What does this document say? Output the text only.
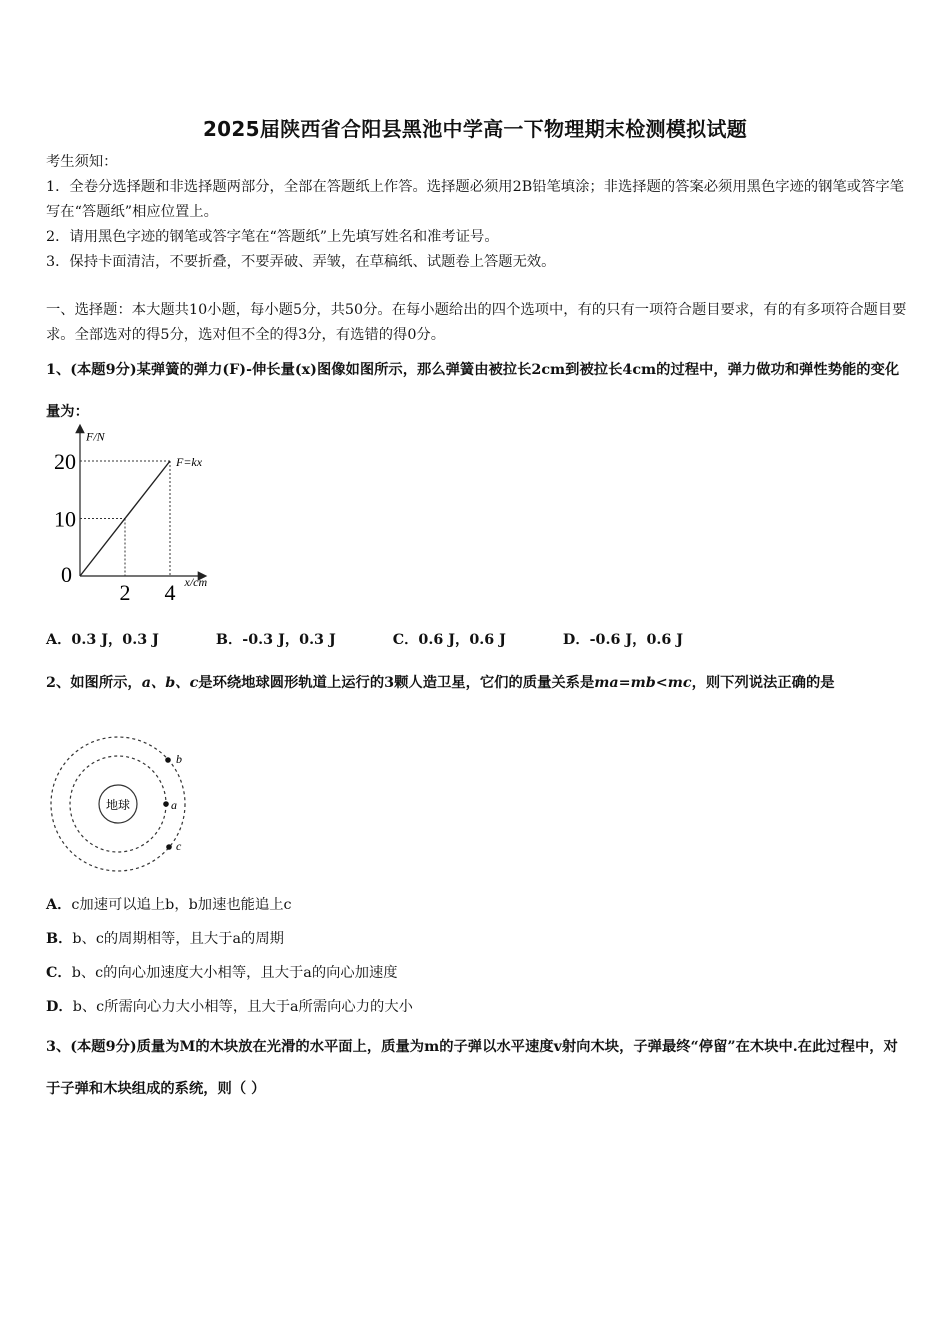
2025届陕西省合阳县黑池中学高一下物理期末检测模拟试题

考生须知：

1．全卷分选择题和非选择题两部分，全部在答题纸上作答。选择题必须用2B铅笔填涂；非选择题的答案必须用黑色字迹的钢笔或答字笔写在“答题纸”相应位置上。

2．请用黑色字迹的钢笔或答字笔在“答题纸”上先填写姓名和准考证号。

3．保持卡面清洁，不要折叠，不要弄破、弄皱，在草稿纸、试题卷上答题无效。

一、选择题：本大题共10小题，每小题5分，共50分。在每小题给出的四个选项中，有的只有一项符合题目要求，有的有多项符合题目要求。全部选对的得5分，选对但不全的得3分，有选错的得0分。

1、(本题9分)某弹簧的弹力(F)-伸长量(x)图像如图所示，那么弹簧由被拉长2cm到被拉长4cm的过程中，弹力做功和弹性势能的变化量为：

F/N
x/cm
F=kx
0
2 4
10
20
A．0.3 J，0.3 J	B．-0.3 J，0.3 J	C．0.6 J，0.6 J	D．-0.6 J，0.6 J

2、如图所示，a、b、c是环绕地球圆形轨道上运行的3颗人造卫星，它们的质量关系是ma=mb<mc，则下列说法正确的是

地球	a
b
c
A．c加速可以追上b，b加速也能追上c
B．b、c的周期相等，且大于a的周期
C．b、c的向心加速度大小相等，且大于a的向心加速度
D．b、c所需向心力大小相等，且大于a所需向心力的大小

3、(本题9分)质量为M的木块放在光滑的水平面上，质量为m的子弹以水平速度v射向木块，子弹最终“停留”在木块中.在此过程中，对于子弹和木块组成的系统，则（ ）
